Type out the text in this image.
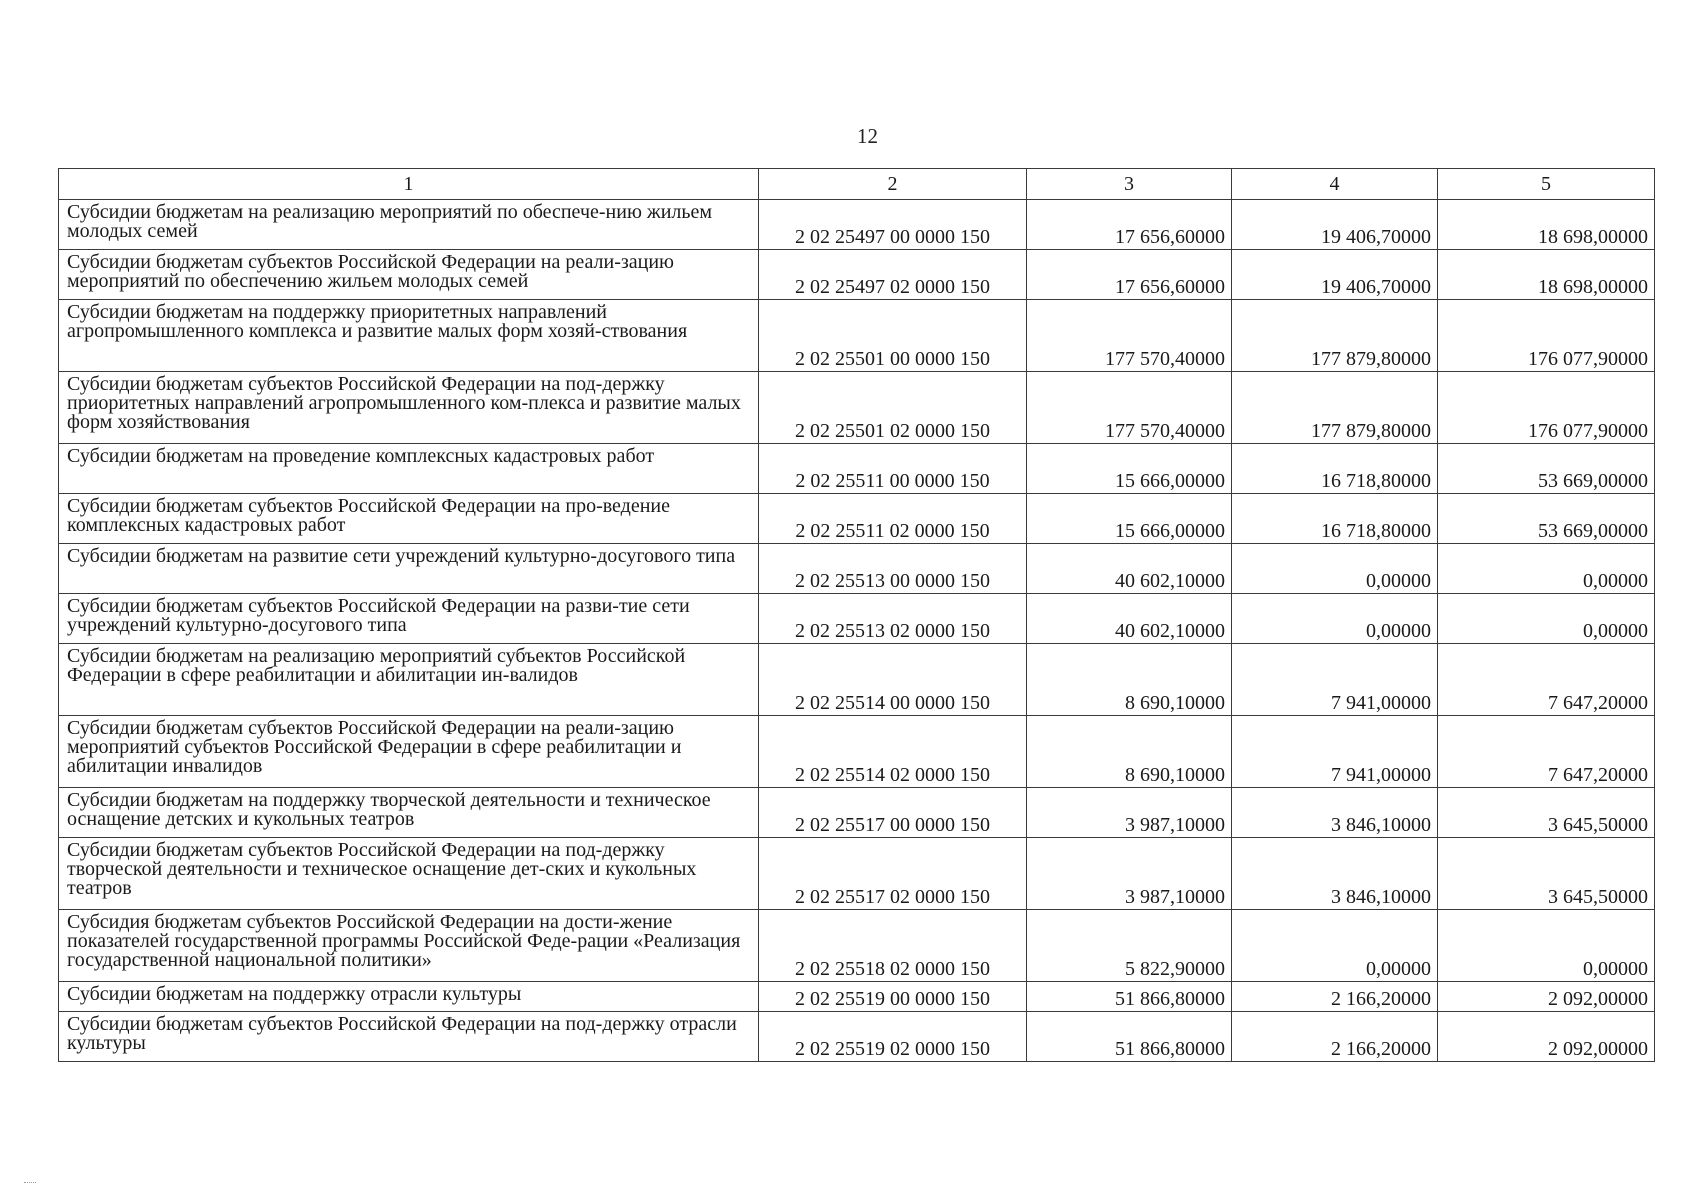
12
1	2	3	4	5
Субсидии бюджетам на реализацию мероприятий по обеспече-нию жильем молодых семей	2 02 25497 00 0000 150	17 656,60000	19 406,70000	18 698,00000
Субсидии бюджетам субъектов Российской Федерации на реали-зацию мероприятий по обеспечению жильем молодых семей	2 02 25497 02 0000 150	17 656,60000	19 406,70000	18 698,00000
Субсидии бюджетам на поддержку приоритетных направлений агропромышленного комплекса и развитие малых форм хозяй-ствования	2 02 25501 00 0000 150	177 570,40000	177 879,80000	176 077,90000
Субсидии бюджетам субъектов Российской Федерации на под-держку приоритетных направлений агропромышленного ком-плекса и развитие малых форм хозяйствования	2 02 25501 02 0000 150	177 570,40000	177 879,80000	176 077,90000
Субсидии бюджетам на проведение комплексных кадастровых работ	2 02 25511 00 0000 150	15 666,00000	16 718,80000	53 669,00000
Субсидии бюджетам субъектов Российской Федерации на про-ведение комплексных кадастровых работ	2 02 25511 02 0000 150	15 666,00000	16 718,80000	53 669,00000
Субсидии бюджетам на развитие сети учреждений культурно-досугового типа	2 02 25513 00 0000 150	40 602,10000	0,00000	0,00000
Субсидии бюджетам субъектов Российской Федерации на разви-тие сети учреждений культурно-досугового типа	2 02 25513 02 0000 150	40 602,10000	0,00000	0,00000
Субсидии бюджетам на реализацию мероприятий субъектов Российской Федерации в сфере реабилитации и абилитации ин-валидов	2 02 25514 00 0000 150	8 690,10000	7 941,00000	7 647,20000
Субсидии бюджетам субъектов Российской Федерации на реали-зацию мероприятий субъектов Российской Федерации в сфере реабилитации и абилитации инвалидов	2 02 25514 02 0000 150	8 690,10000	7 941,00000	7 647,20000
Субсидии бюджетам на поддержку творческой деятельности и техническое оснащение детских и кукольных театров	2 02 25517 00 0000 150	3 987,10000	3 846,10000	3 645,50000
Субсидии бюджетам субъектов Российской Федерации на под-держку творческой деятельности и техническое оснащение дет-ских и кукольных театров	2 02 25517 02 0000 150	3 987,10000	3 846,10000	3 645,50000
Субсидия бюджетам субъектов Российской Федерации на дости-жение показателей государственной программы Российской Феде-рации «Реализация государственной национальной политики»	2 02 25518 02 0000 150	5 822,90000	0,00000	0,00000
Субсидии бюджетам на поддержку отрасли культуры	2 02 25519 00 0000 150	51 866,80000	2 166,20000	2 092,00000
Субсидии бюджетам субъектов Российской Федерации на под-держку отрасли культуры	2 02 25519 02 0000 150	51 866,80000	2 166,20000	2 092,00000
